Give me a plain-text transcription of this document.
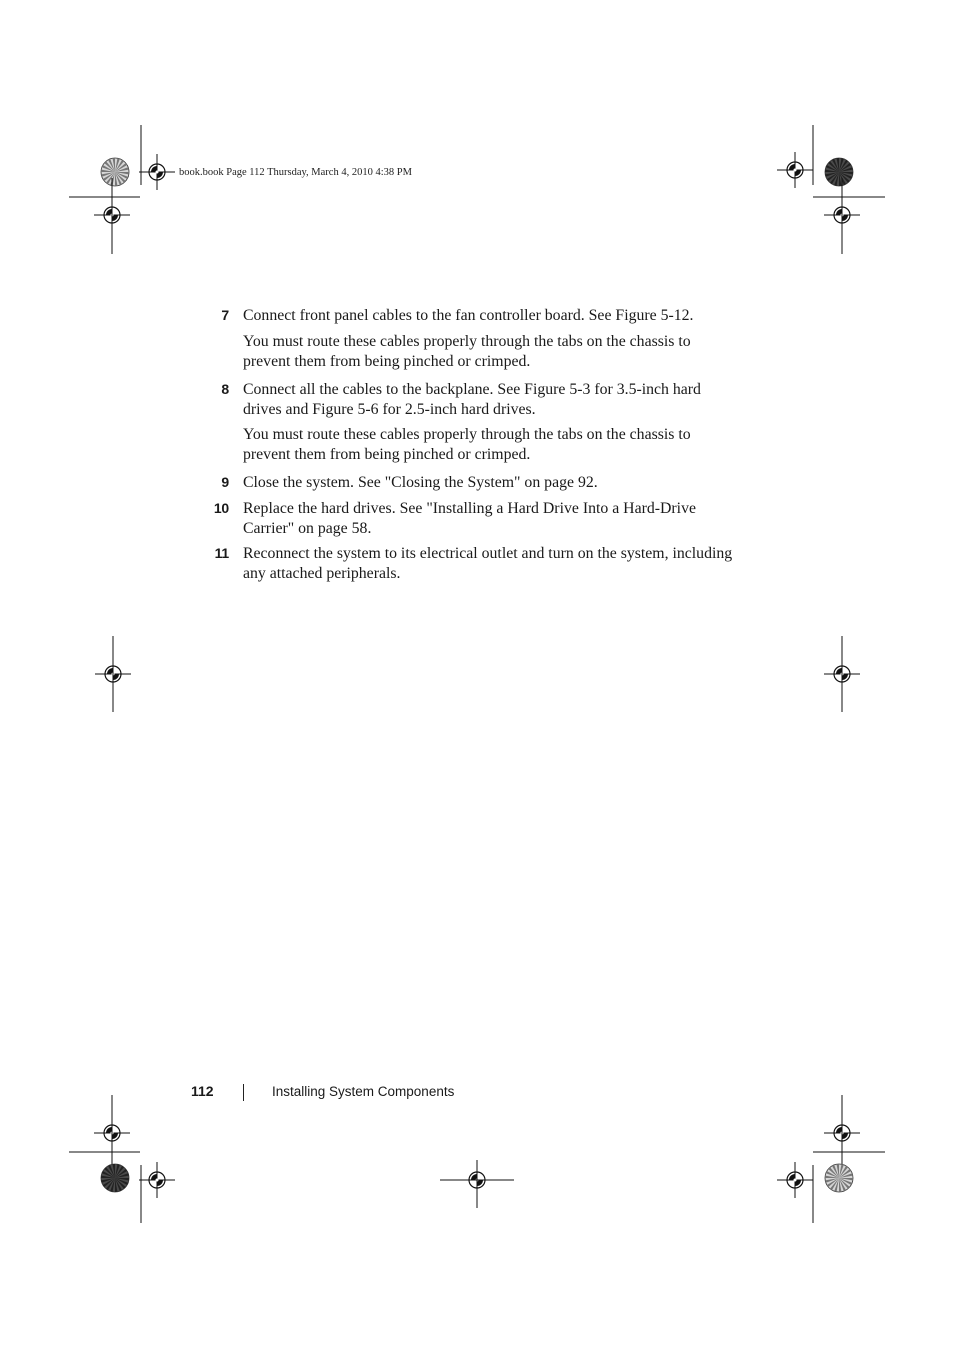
book.book Page 112 Thursday, March 4, 2010 4:38 PM
7 Connect front panel cables to the fan controller board. See Figure 5-12.
You must route these cables properly through the tabs on the chassis to prevent them from being pinched or crimped.
8 Connect all the cables to the backplane. See Figure 5-3 for 3.5-inch hard drives and Figure 5-6 for 2.5-inch hard drives.
You must route these cables properly through the tabs on the chassis to prevent them from being pinched or crimped.
9 Close the system. See "Closing the System" on page 92.
10 Replace the hard drives. See "Installing a Hard Drive Into a Hard-Drive Carrier" on page 58.
11 Reconnect the system to its electrical outlet and turn on the system, including any attached peripherals.
112	Installing System Components
